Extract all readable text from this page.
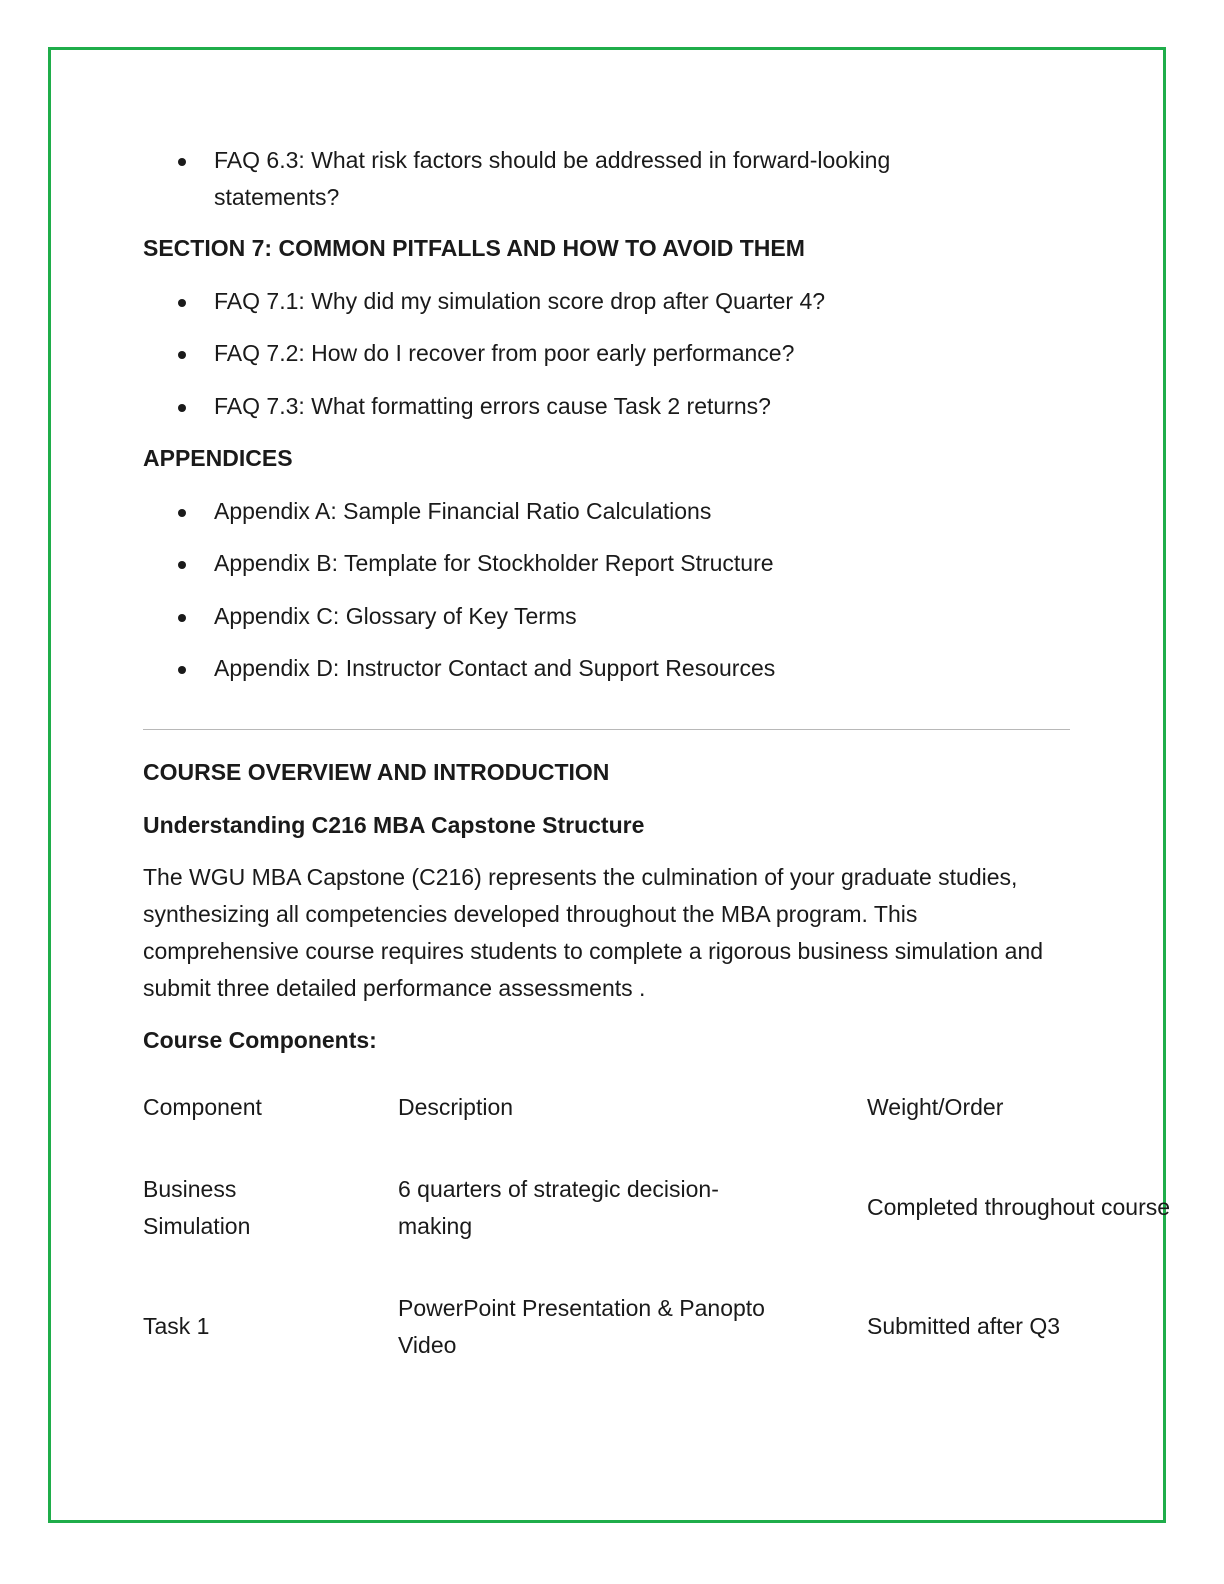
FAQ 6.3: What risk factors should be addressed in forward-looking statements?
SECTION 7: COMMON PITFALLS AND HOW TO AVOID THEM
FAQ 7.1: Why did my simulation score drop after Quarter 4?
FAQ 7.2: How do I recover from poor early performance?
FAQ 7.3: What formatting errors cause Task 2 returns?
APPENDICES
Appendix A: Sample Financial Ratio Calculations
Appendix B: Template for Stockholder Report Structure
Appendix C: Glossary of Key Terms
Appendix D: Instructor Contact and Support Resources
COURSE OVERVIEW AND INTRODUCTION
Understanding C216 MBA Capstone Structure
The WGU MBA Capstone (C216) represents the culmination of your graduate studies, synthesizing all competencies developed throughout the MBA program. This comprehensive course requires students to complete a rigorous business simulation and submit three detailed performance assessments .
Course Components:
Component	Description	Weight/Order
Business Simulation
6 quarters of strategic decision-making
Completed throughout course
Task 1
PowerPoint Presentation & Panopto Video
Submitted after Q3
